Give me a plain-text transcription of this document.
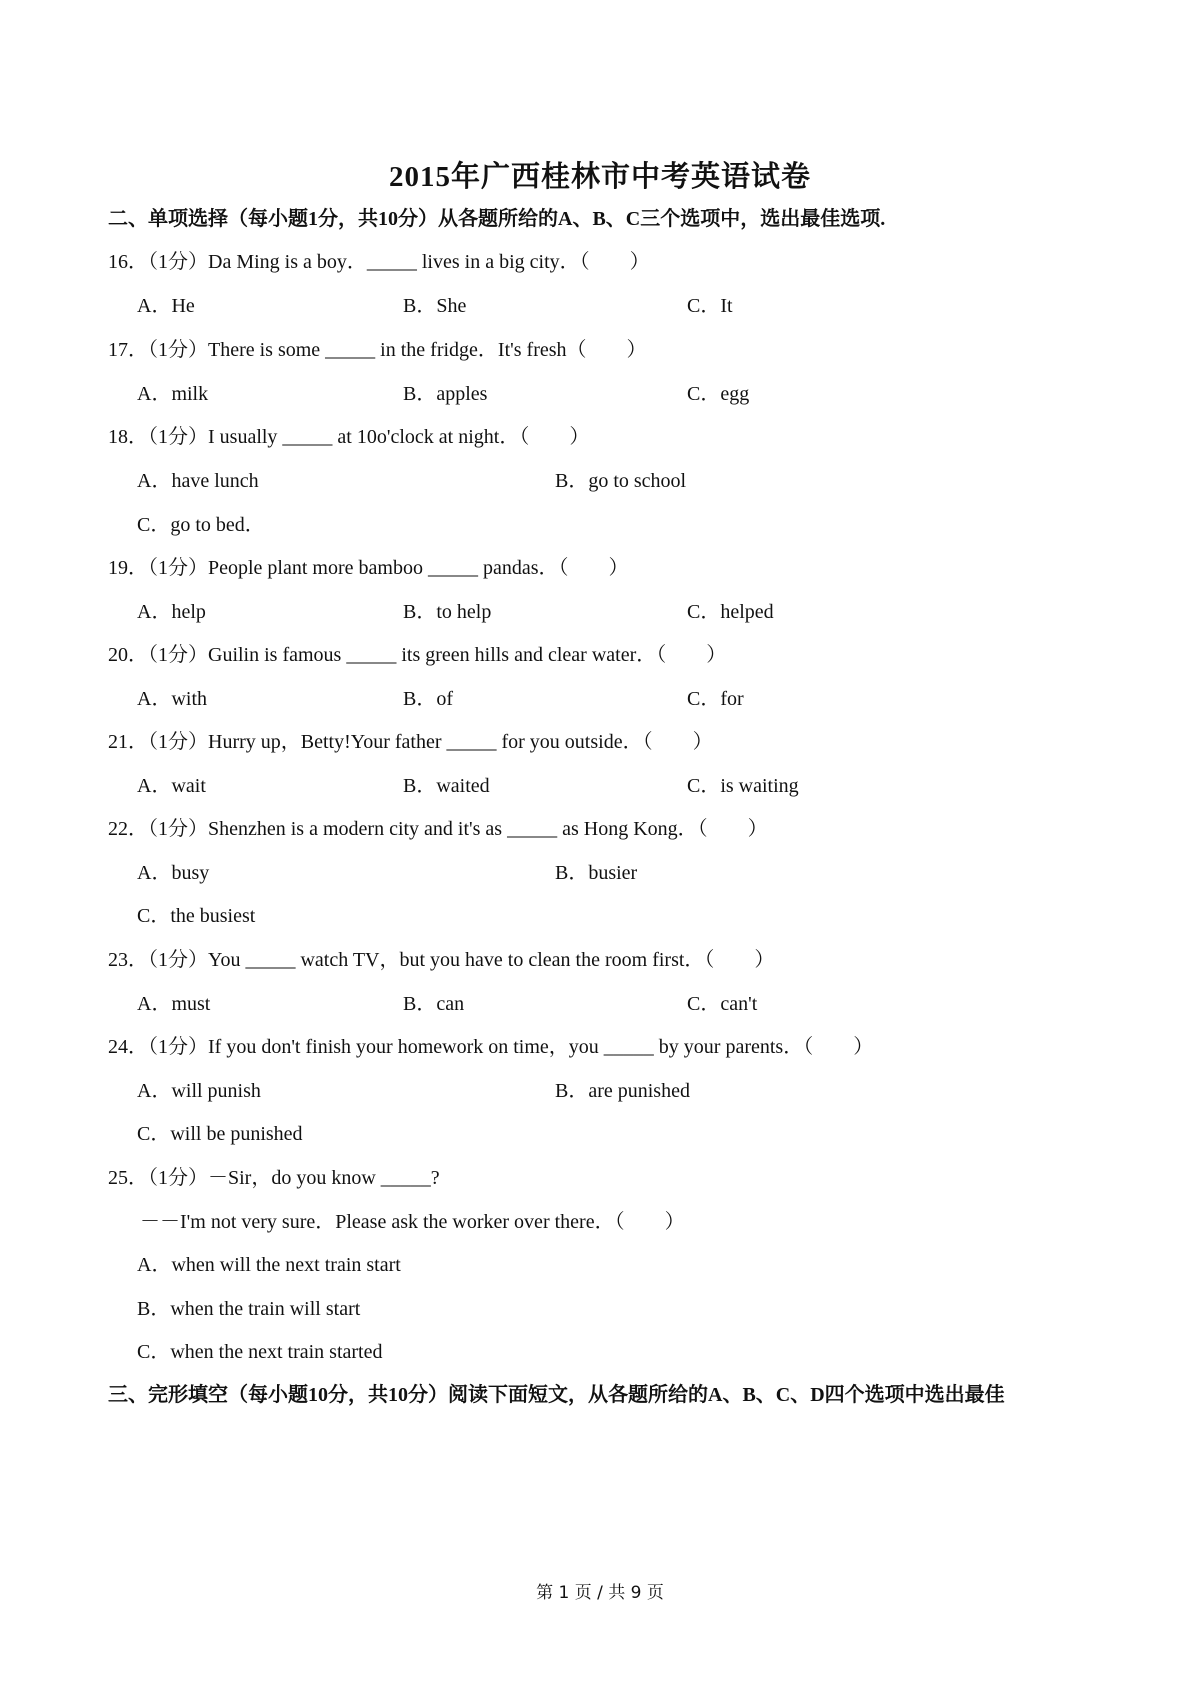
2015年广西桂林市中考英语试卷
二、单项选择（每小题1分，共10分）从各题所给的A、B、C三个选项中，选出最佳选项.
16．（1分）Da Ming is a boy．_____ lives in a big city．（　　）
A．He	B．She	C．It
17．（1分）There is some _____ in the fridge．It's fresh（　　）
A．milk	B．apples	C．egg
18．（1分）I usually _____ at 10o'clock at night．（　　）
A．have lunch	B．go to school
C．go to bed．
19．（1分）People plant more bamboo _____ pandas．（　　）
A．help	B．to help	C．helped
20．（1分）Guilin is famous _____ its green hills and clear water．（　　）
A．with	B．of	C．for
21．（1分）Hurry up，Betty!Your father _____ for you outside．（　　）
A．wait	B．waited	C．is waiting
22．（1分）Shenzhen is a modern city and it's as _____ as Hong Kong．（　　）
A．busy	B．busier
C．the busiest
23．（1分）You _____ watch TV，but you have to clean the room first．（　　）
A．must	B．can	C．can't
24．（1分）If you don't finish your homework on time，you _____ by your parents．（　　）
A．will punish	B．are punished
C．will be punished
25．（1分）－Sir，do you know _____?
－－I'm not very sure．Please ask the worker over there．（　　）
A．when will the next train start
B．when the train will start
C．when the next train started
三、完形填空（每小题10分，共10分）阅读下面短文，从各题所给的A、B、C、D四个选项中选出最佳
第 1 页 / 共 9 页
